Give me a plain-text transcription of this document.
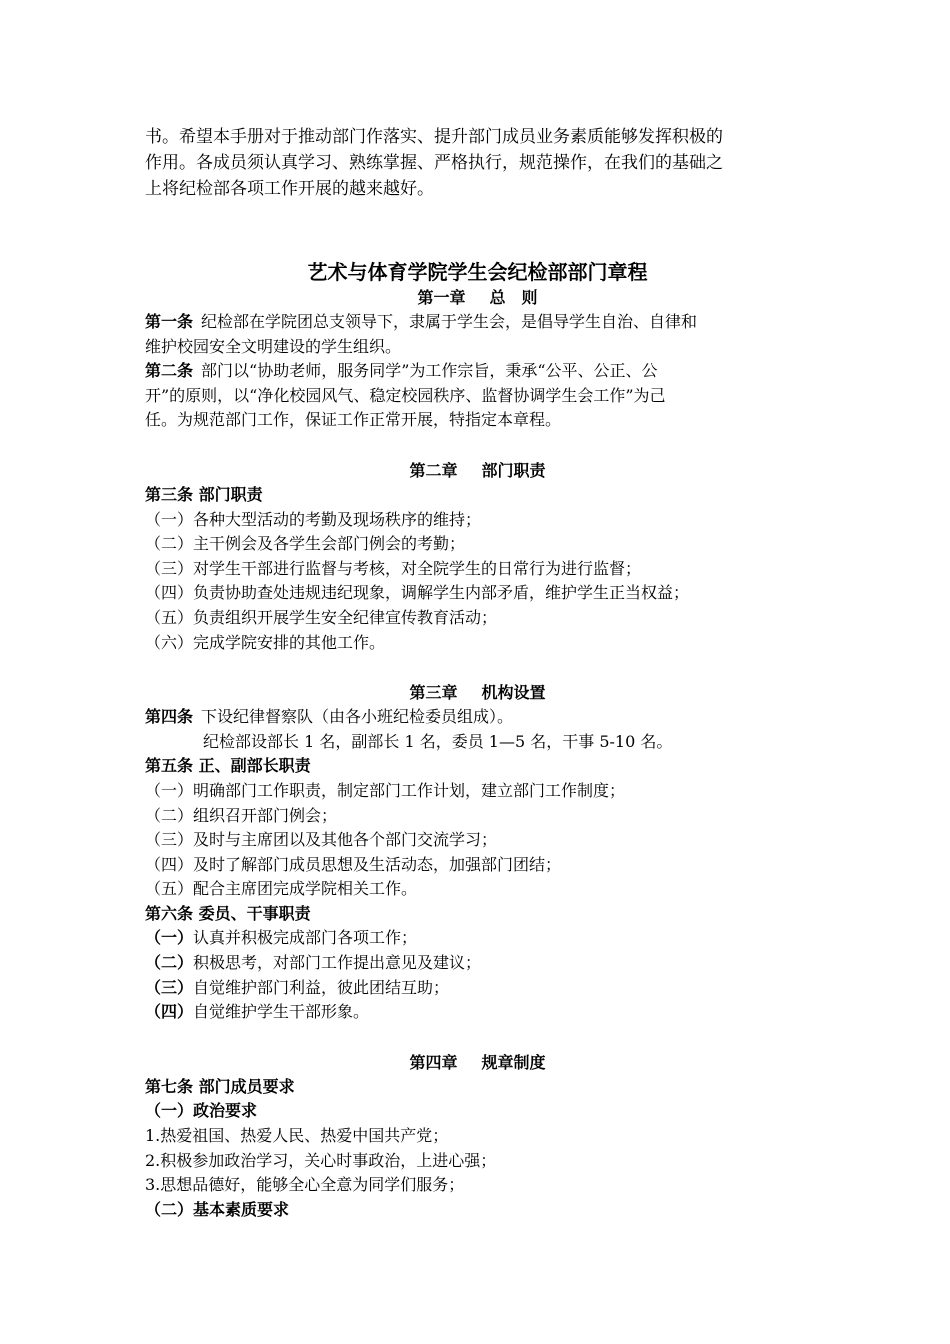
书。希望本手册对于推动部门作落实、提升部门成员业务素质能够发挥积极的

作用。各成员须认真学习、熟练掌握、严格执行，规范操作，在我们的基础之

上将纪检部各项工作开展的越来越好。

艺术与体育学院学生会纪检部部门章程

第一章 总　则

第一条 纪检部在学院团总支领导下，隶属于学生会，是倡导学生自治、自律和

维护校园安全文明建设的学生组织。

第二条 部门以“协助老师，服务同学”为工作宗旨，秉承“公平、公正、公

开”的原则，以“净化校园风气、稳定校园秩序、监督协调学生会工作”为己

任。为规范部门工作，保证工作正常开展，特指定本章程。

第二章 部门职责

第三条 部门职责

（一）各种大型活动的考勤及现场秩序的维持；

（二）主干例会及各学生会部门例会的考勤；

（三）对学生干部进行监督与考核，对全院学生的日常行为进行监督；

（四）负责协助查处违规违纪现象，调解学生内部矛盾，维护学生正当权益；

（五）负责组织开展学生安全纪律宣传教育活动；

（六）完成学院安排的其他工作。

第三章 机构设置

第四条 下设纪律督察队（由各小班纪检委员组成）。

纪检部设部长 1 名，副部长 1 名，委员 1—5 名，干事 5-10 名。

第五条 正、副部长职责

（一）明确部门工作职责，制定部门工作计划，建立部门工作制度；

（二）组织召开部门例会；

（三）及时与主席团以及其他各个部门交流学习；

（四）及时了解部门成员思想及生活动态，加强部门团结；

（五）配合主席团完成学院相关工作。

第六条 委员、干事职责

（一）认真并积极完成部门各项工作；

（二）积极思考，对部门工作提出意见及建议；

（三）自觉维护部门利益，彼此团结互助；

（四）自觉维护学生干部形象。

第四章 规章制度

第七条 部门成员要求

（一）政治要求

1.热爱祖国、热爱人民、热爱中国共产党；

2.积极参加政治学习，关心时事政治，上进心强；

3.思想品德好，能够全心全意为同学们服务；

（二）基本素质要求
